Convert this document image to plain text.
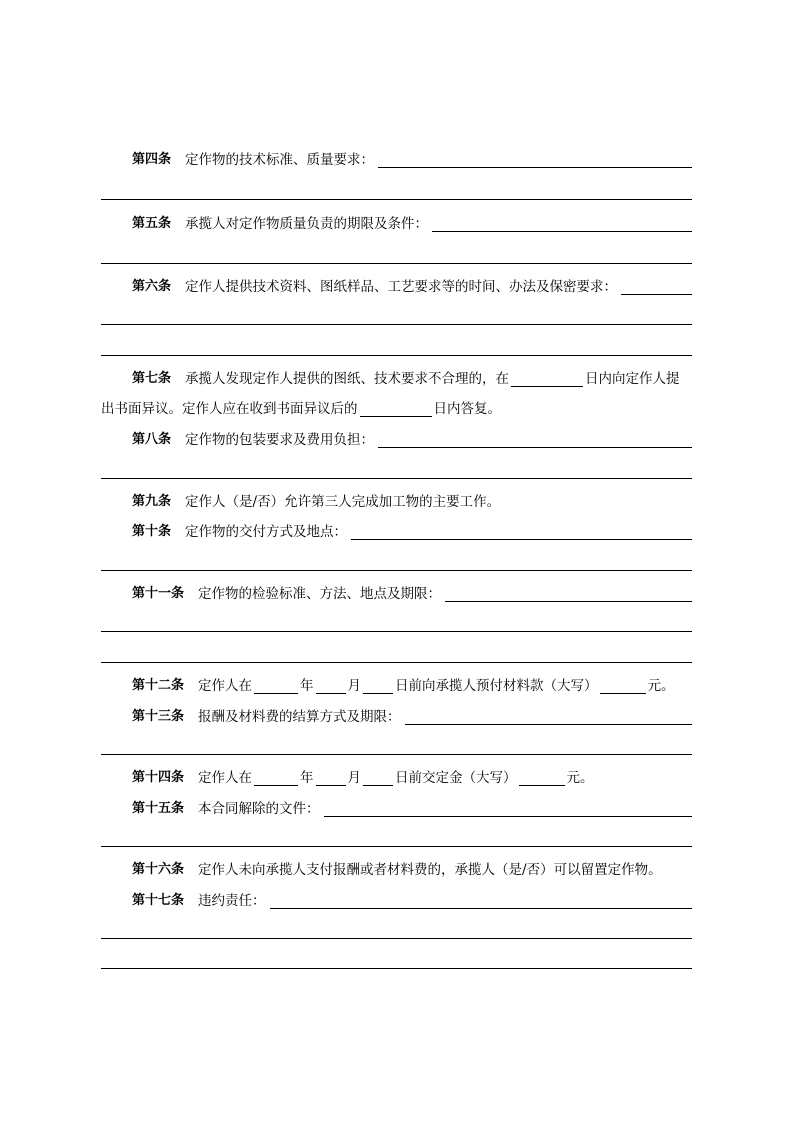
第四条 定作物的技术标准、质量要求：
第五条 承揽人对定作物质量负责的期限及条件：
第六条 定作人提供技术资料、图纸样品、工艺要求等的时间、办法及保密要求：
第七条 承揽人发现定作人提供的图纸、技术要求不合理的，在	日内向定作人提
出书面异议。定作人应在收到书面异议后的	日内答复。
第八条 定作物的包装要求及费用负担：
第九条 定作人（是/否）允许第三人完成加工物的主要工作。
第十条 定作物的交付方式及地点：
第十一条 定作物的检验标准、方法、地点及期限：
第十二条 定作人在	年	月	日前向承揽人预付材料款（大写）	元。
第十三条 报酬及材料费的结算方式及期限：
第十四条 定作人在	年	月	日前交定金（大写）	元。
第十五条 本合同解除的文件：
第十六条 定作人未向承揽人支付报酬或者材料费的，承揽人（是/否）可以留置定作物。
第十七条 违约责任：
